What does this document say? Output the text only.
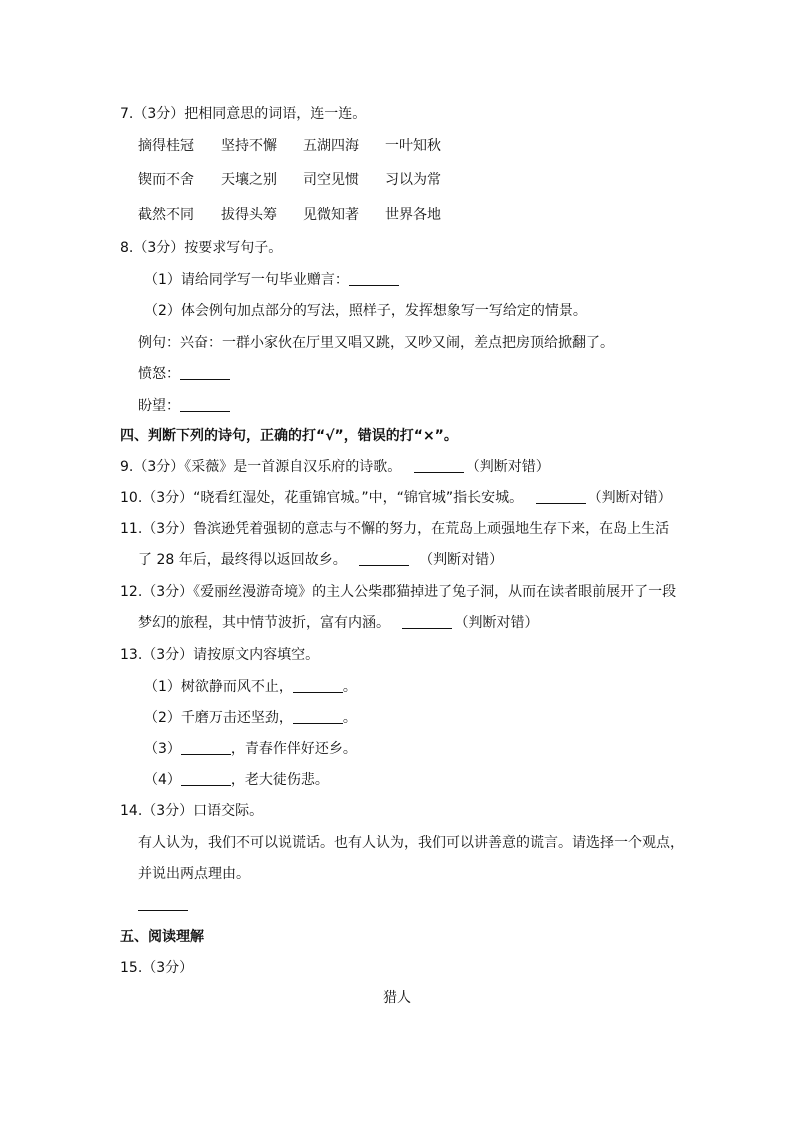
7.（3分）把相同意思的词语，连一连。
摘得桂冠 坚持不懈 五湖四海 一叶知秋
锲而不舍 天壤之别 司空见惯 习以为常
截然不同 拔得头筹 见微知著 世界各地
8.（3分）按要求写句子。
（1）请给同学写一句毕业赠言：
（2）体会例句加点部分的写法，照样子，发挥想象写一写给定的情景。
例句：兴奋：一群小家伙在厅里又唱又跳，又吵又闹，差点把房顶给掀翻了。
愤怒：
盼望：
四、判断下列的诗句，正确的打“√”，错误的打“×”。
9.（3分）《采薇》是一首源自汉乐府的诗歌。	（判断对错）
10.（3分）“晓看红湿处，花重锦官城。”中，“锦官城”指长安城。	（判断对错）
11.（3分）鲁滨逊凭着强韧的意志与不懈的努力，在荒岛上顽强地生存下来，在岛上生活
了 28 年后，最终得以返回故乡。	（判断对错）
12.（3分）《爱丽丝漫游奇境》的主人公柴郡猫掉进了兔子洞，从而在读者眼前展开了一段
梦幻的旅程，其中情节波折，富有内涵。	（判断对错）
13.（3分）请按原文内容填空。
（1）树欲静而风不止，	。
（2）千磨万击还坚劲，	。
（3）	，青春作伴好还乡。
（4）	，老大徒伤悲。
14.（3分）口语交际。
有人认为，我们不可以说谎话。也有人认为，我们可以讲善意的谎言。请选择一个观点，
并说出两点理由。
五、阅读理解
15.（3分）
猎人
